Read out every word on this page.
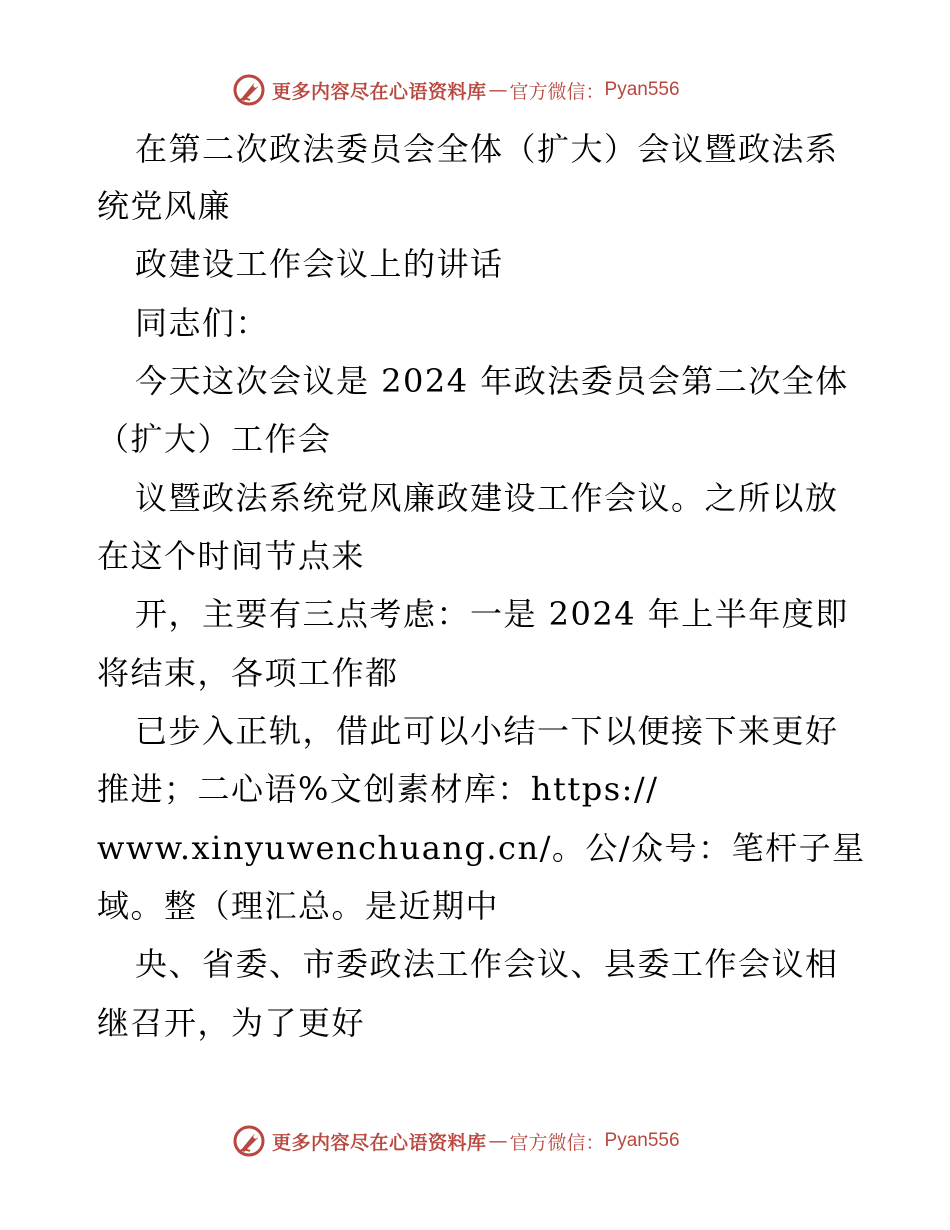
更多内容尽在心语资料库 — 官方微信： Pyan556
在第二次政法委员会全体（扩大）会议暨政法系
统党风廉
政建设工作会议上的讲话
同志们：
今天这次会议是 2024 年政法委员会第二次全体
（扩大）工作会
议暨政法系统党风廉政建设工作会议。之所以放
在这个时间节点来
开，主要有三点考虑：一是 2024 年上半年度即
将结束，各项工作都
已步入正轨，借此可以小结一下以便接下来更好
推进；二心语%文创素材库：https://
www.xinyuwenchuang.cn/。公/众号：笔杆子星
域。整（理汇总。是近期中
央、省委、市委政法工作会议、县委工作会议相
继召开，为了更好
更多内容尽在心语资料库 — 官方微信： Pyan556
